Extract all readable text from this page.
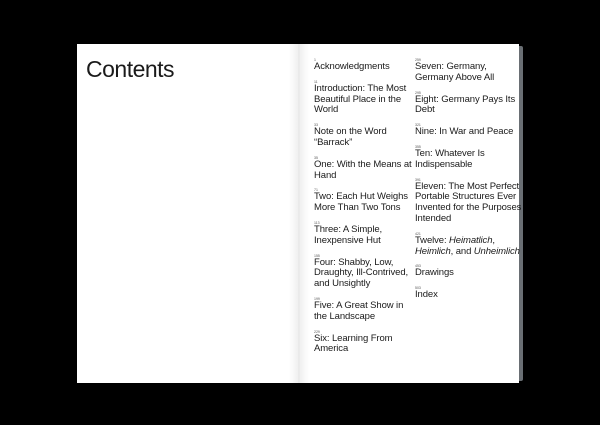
Contents	1
Acknowledgments
11
Introduction: The Most Beautiful Place in the World
33
Note on the Word “Barrack”
35
One: With the Means at Hand
71
Two: Each Hut Weighs More Than Two Tons
113
Three: A Simple, Inexpensive Hut
155
Four: Shabby, Low, Draughty, Ill-Contrived, and Unsightly
199
Five: A Great Show in the Landscape
229
Six: Learning From America
259
Seven: Germany, Germany Above All
295
Eight: Germany Pays Its Debt
321
Nine: In War and Peace
355
Ten: Whatever Is Indispensable
391
Eleven: The Most Perfect Portable Structures Ever Invented for the Purposes Intended
421
Twelve: Heimatlich, Heimlich, and Unheimlich
453
Drawings
503
Index
